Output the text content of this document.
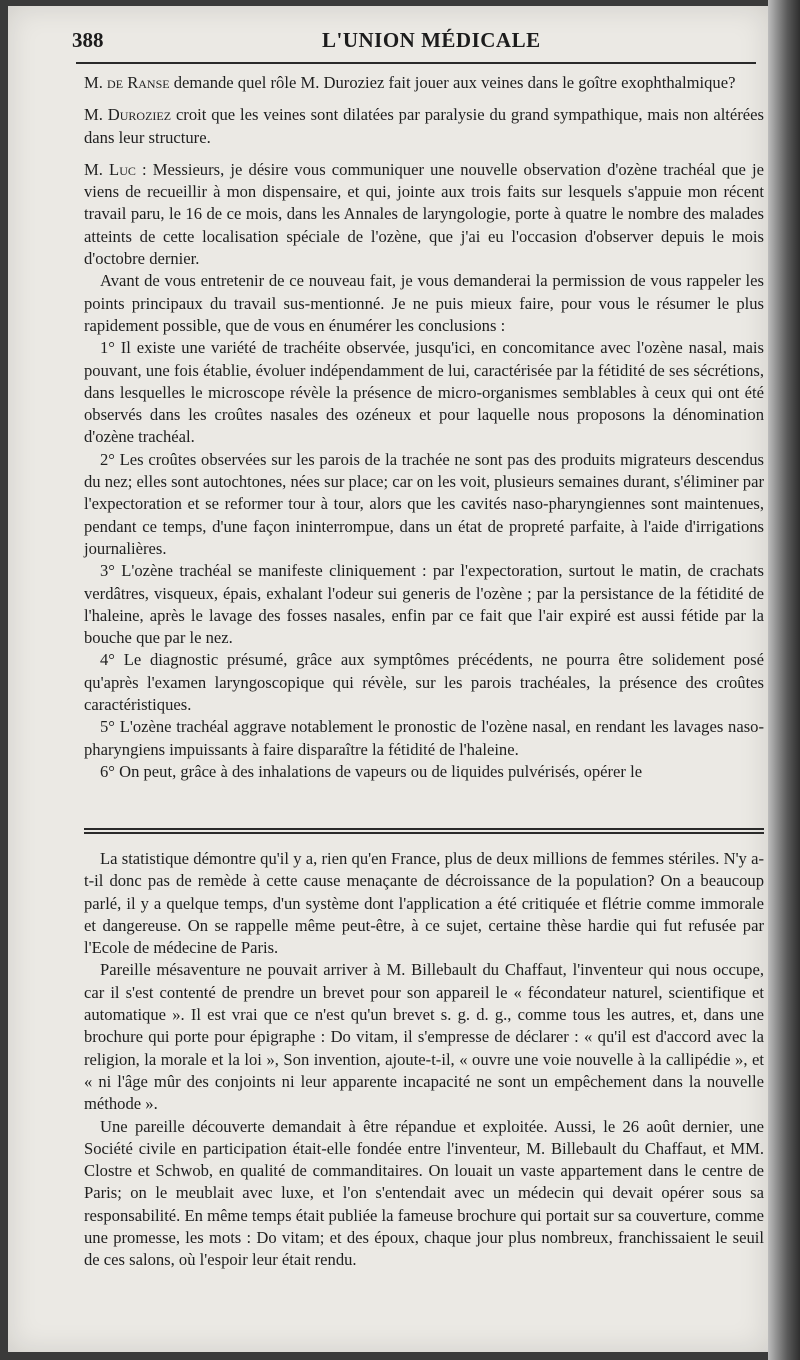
388	L'UNION MÉDICALE

M. de Ranse demande quel rôle M. Duroziez fait jouer aux veines dans le goître exophthalmique?

M. Duroziez croit que les veines sont dilatées par paralysie du grand sympathique, mais non altérées dans leur structure.

M. Luc : Messieurs, je désire vous communiquer une nouvelle observation d'ozène trachéal que je viens de recueillir à mon dispensaire, et qui, jointe aux trois faits sur lesquels s'appuie mon récent travail paru, le 16 de ce mois, dans les Annales de laryngologie, porte à quatre le nombre des malades atteints de cette localisation spéciale de l'ozène, que j'ai eu l'occasion d'observer depuis le mois d'octobre dernier.

Avant de vous entretenir de ce nouveau fait, je vous demanderai la permission de vous rappeler les points principaux du travail sus-mentionné. Je ne puis mieux faire, pour vous le résumer le plus rapidement possible, que de vous en énumérer les conclusions :

1° Il existe une variété de trachéite observée, jusqu'ici, en concomitance avec l'ozène nasal, mais pouvant, une fois établie, évoluer indépendamment de lui, caractérisée par la fétidité de ses sécrétions, dans lesquelles le microscope révèle la présence de micro-organismes semblables à ceux qui ont été observés dans les croûtes nasales des ozéneux et pour laquelle nous proposons la dénomination d'ozène trachéal.

2° Les croûtes observées sur les parois de la trachée ne sont pas des produits migrateurs descendus du nez; elles sont autochtones, nées sur place; car on les voit, plusieurs semaines durant, s'éliminer par l'expectoration et se reformer tour à tour, alors que les cavités naso-pharyngiennes sont maintenues, pendant ce temps, d'une façon ininterrompue, dans un état de propreté parfaite, à l'aide d'irrigations journalières.

3° L'ozène trachéal se manifeste cliniquement : par l'expectoration, surtout le matin, de crachats verdâtres, visqueux, épais, exhalant l'odeur sui generis de l'ozène ; par la persistance de la fétidité de l'haleine, après le lavage des fosses nasales, enfin par ce fait que l'air expiré est aussi fétide par la bouche que par le nez.

4° Le diagnostic présumé, grâce aux symptômes précédents, ne pourra être solidement posé qu'après l'examen laryngoscopique qui révèle, sur les parois trachéales, la présence des croûtes caractéristiques.

5° L'ozène trachéal aggrave notablement le pronostic de l'ozène nasal, en rendant les lavages naso-pharyngiens impuissants à faire disparaître la fétidité de l'haleine.

6° On peut, grâce à des inhalations de vapeurs ou de liquides pulvérisés, opérer le

La statistique démontre qu'il y a, rien qu'en France, plus de deux millions de femmes stériles. N'y a-t-il donc pas de remède à cette cause menaçante de décroissance de la population? On a beaucoup parlé, il y a quelque temps, d'un système dont l'application a été critiquée et flétrie comme immorale et dangereuse. On se rappelle même peut-être, à ce sujet, certaine thèse hardie qui fut refusée par l'Ecole de médecine de Paris.

Pareille mésaventure ne pouvait arriver à M. Billebault du Chaffaut, l'inventeur qui nous occupe, car il s'est contenté de prendre un brevet pour son appareil le « fécondateur naturel, scientifique et automatique ». Il est vrai que ce n'est qu'un brevet s. g. d. g., comme tous les autres, et, dans une brochure qui porte pour épigraphe : Do vitam, il s'empresse de déclarer : « qu'il est d'accord avec la religion, la morale et la loi », Son invention, ajoute-t-il, « ouvre une voie nouvelle à la callipédie », et « ni l'âge mûr des conjoints ni leur apparente incapacité ne sont un empêchement dans la nouvelle méthode ».

Une pareille découverte demandait à être répandue et exploitée. Aussi, le 26 août dernier, une Société civile en participation était-elle fondée entre l'inventeur, M. Billebault du Chaffaut, et MM. Clostre et Schwob, en qualité de commanditaires. On louait un vaste appartement dans le centre de Paris; on le meublait avec luxe, et l'on s'entendait avec un médecin qui devait opérer sous sa responsabilité. En même temps était publiée la fameuse brochure qui portait sur sa couverture, comme une promesse, les mots : Do vitam; et des époux, chaque jour plus nombreux, franchissaient le seuil de ces salons, où l'espoir leur était rendu.
